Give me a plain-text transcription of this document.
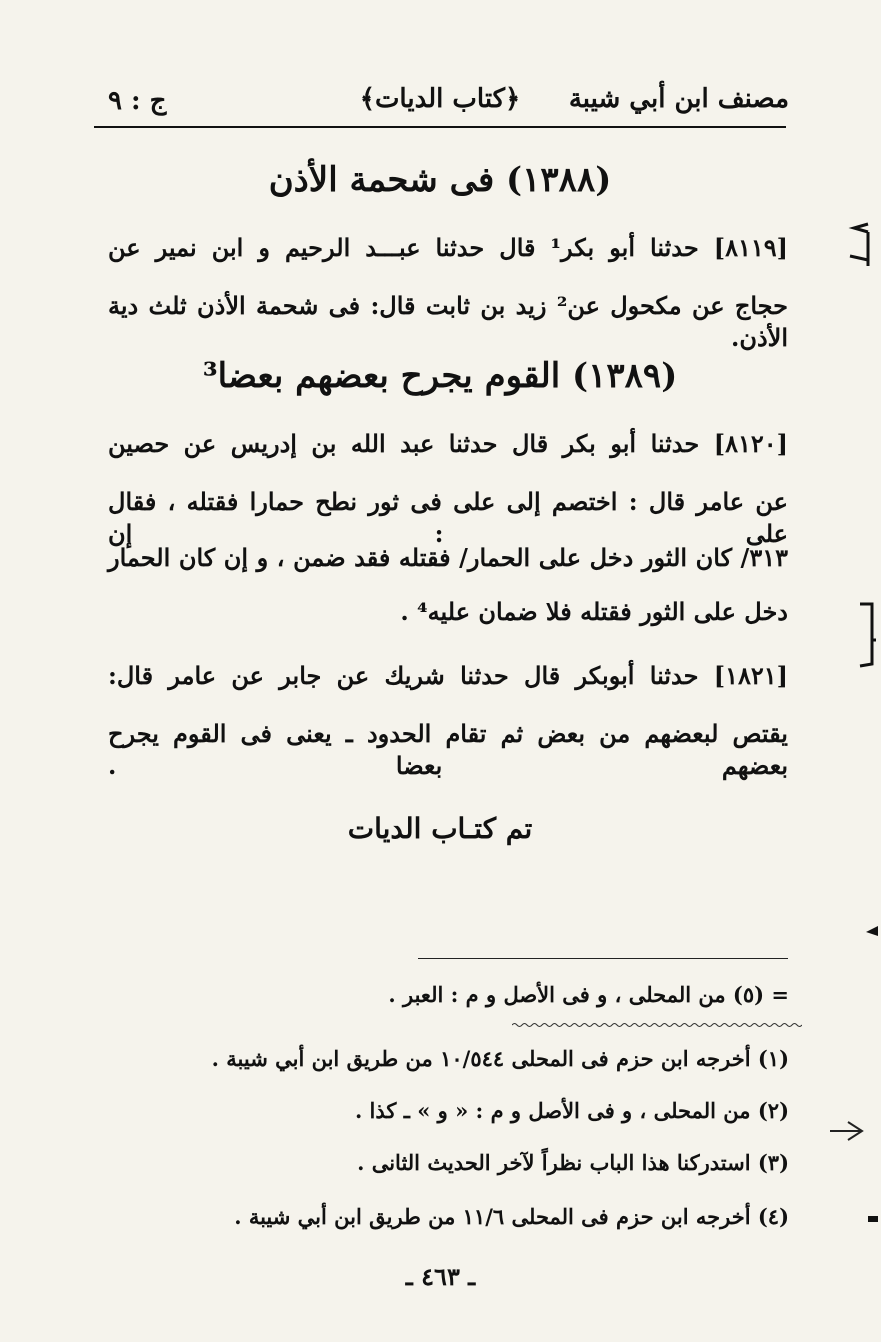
ج : ٩	﴿كتاب الديات﴾	مصنف ابن أبي شيبة
(١٣٨٨) فى شحمة الأذن
[٨١١٩] حدثنا أبو بكر¹ قال حدثنا عبـــد الرحيم و ابن نمير عن
حجاج عن مكحول عن² زيد بن ثابت قال: فى شحمة الأذن ثلث دية الأذن.
(١٣٨٩) القوم يجرح بعضهم بعضا³
[٨١٢٠] حدثنا أبو بكر قال حدثنا عبد الله بن إدريس عن حصين
عن عامر قال : اختصم إلى على فى ثور نطح حمارا فقتله ، فقال على : إن
٣١٣/ كان الثور دخل على الحمار/ فقتله فقد ضمن ، و إن كان الحمار
دخل على الثور فقتله فلا ضمان عليه⁴ .
[١٨٢١] حدثنا أبوبكر قال حدثنا شريك عن جابر عن عامر قال:
يقتص لبعضهم من بعض ثم تقام الحدود ـ يعنى فى القوم يجرح بعضهم بعضا .
تم كتـاب الديات
= (٥) من المحلى ، و فى الأصل و م : العبر .
(١) أخرجه ابن حزم فى المحلى ١٠/٥٤٤ من طريق ابن أبي شيبة .
(٢) من المحلى ، و فى الأصل و م : « و » ـ كذا .
(٣) استدركنا هذا الباب نظراً لآخر الحديث الثانى .
(٤) أخرجه ابن حزم فى المحلى ١١/٦ من طريق ابن أبي شيبة .
ـ ٤٦٣ ـ
